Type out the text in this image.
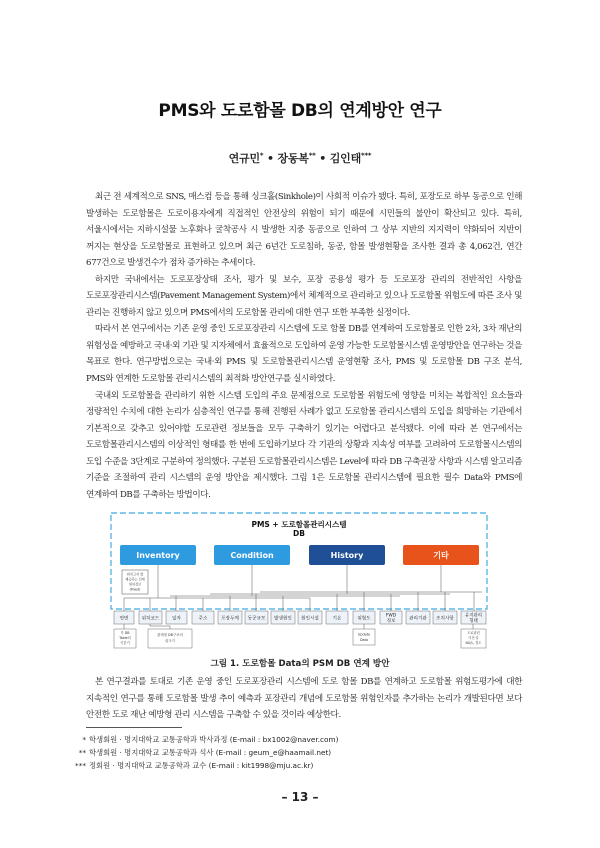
PMS와 도로함몰 DB의 연계방안 연구
연규민* • 장동복** • 김인태***

최근 전 세계적으로 SNS, 매스컴 등을 통해 싱크홀(Sinkhole)이 사회적 이슈가 됐다. 특히, 포장도로 하부 동공으로 인해 발생하는 도로함몰은 도로이용자에게 직접적인 안전상의 위험이 되기 때문에 시민들의 불안이 확산되고 있다. 특히, 서울시에서는 지하시설물 노후화나 굴착공사 시 발생한 지중 동공으로 인하여 그 상부 지반의 지지력이 약화되어 지반이 꺼지는 현상을 도로함몰로 표현하고 있으며 최근 6년간 도로침하, 동공, 함몰 발생현황을 조사한 결과 총 4,062건, 연간 677건으로 발생건수가 점차 증가하는 추세이다.

하지만 국내에서는 도로포장상태 조사, 평가 및 보수, 포장 공용성 평가 등 도로포장 관리의 전반적인 사항을 도로포장관리시스템(Pavement Management System)에서 체계적으로 관리하고 있으나 도로함몰 위험도에 따른 조사 및 관리는 진행하지 않고 있으며 PMS에서의 도로함몰 관리에 대한 연구 또한 부족한 실정이다.

따라서 본 연구에서는 기존 운영 중인 도로포장관리 시스템에 도로 함몰 DB를 연계하여 도로함몰로 인한 2차, 3차 재난의 위험성을 예방하고 국내·외 기관 및 지자체에서 효율적으로 도입하여 운영 가능한 도로함몰시스템 운영방안을 연구하는 것을 목표로 한다. 연구방법으로는 국내·외 PMS 및 도로함몰관리시스템 운영현황 조사, PMS 및 도로함몰 DB 구조 분석, PMS와 연계한 도로함몰 관리시스템의 최적화 방안연구를 실시하였다.

국내외 도로함몰을 관리하기 위한 시스템 도입의 주요 문제점으로 도로함몰 위험도에 영향을 미치는 복합적인 요소들과 정량적인 수치에 대한 논리가 심층적인 연구를 통해 진행된 사례가 없고 도로함몰 관리시스템의 도입을 희망하는 기관에서 기본적으로 갖추고 있어야할 도로관련 정보들을 모두 구축하기 있기는 어렵다고 분석됐다. 이에 따라 본 연구에서는 도로함몰관리시스템의 이상적인 형태를 한 번에 도입하기보다 각 기관의 상황과 지속성 여부를 고려하여 도로함몰시스템의 도입 수준을 3단계로 구분하여 정의했다. 구분된 도로함몰관리시스템은 Level에 따라 DB 구축권장 사항과 시스템 알고리즘 기준을 조절하여 관리 시스템의 운영 방안을 제시했다. 그림 1은 도로함몰 관리시스템에 필요한 필수 Data와 PMS에 연계하여 DB를 구축하는 방법이다.

PMS + 도로함몰관리시스템
DB
Inventory	Condition	History	기타
위치고지 별
제공하는 선재
위치정보
(Fixed)
연번	위치코드	일자	주소	포장두께 동공규모 발생원인 원인시설	기온	위험도
FWD
정보	관리기관 조치사항
유지관리
형태
각 DB
Table의
키본키
관계형 DB구조의
링크키
Update
Data
도로관련
이전 일
NG/L, 결도
그림 1. 도로함몰 Data의 PSM DB 연계 방안

본 연구결과를 토대로 기존 운영 중인 도로포장관리 시스템에 도로 함몰 DB를 연계하고 도로함몰 위험도평가에 대한 지속적인 연구를 통해 도로함몰 발생 추이 예측과 포장관리 개념에 도로함몰 위험인자를 추가하는 논리가 개발된다면 보다 안전한 도로 재난 예방형 관리 시스템을 구축할 수 있을 것이라 예상한다.

* 학생회원 · 명지대학교 교통공학과 박사과정 (E-mail : bx1002@naver.com)
** 학생회원 · 명지대학교 교통공학과 석사 (E-mail : geum_e@haamail.net)
*** 정회원 · 명지대학교 교통공학과 교수 (E-mail : kit1998@mju.ac.kr)
– 13 –
